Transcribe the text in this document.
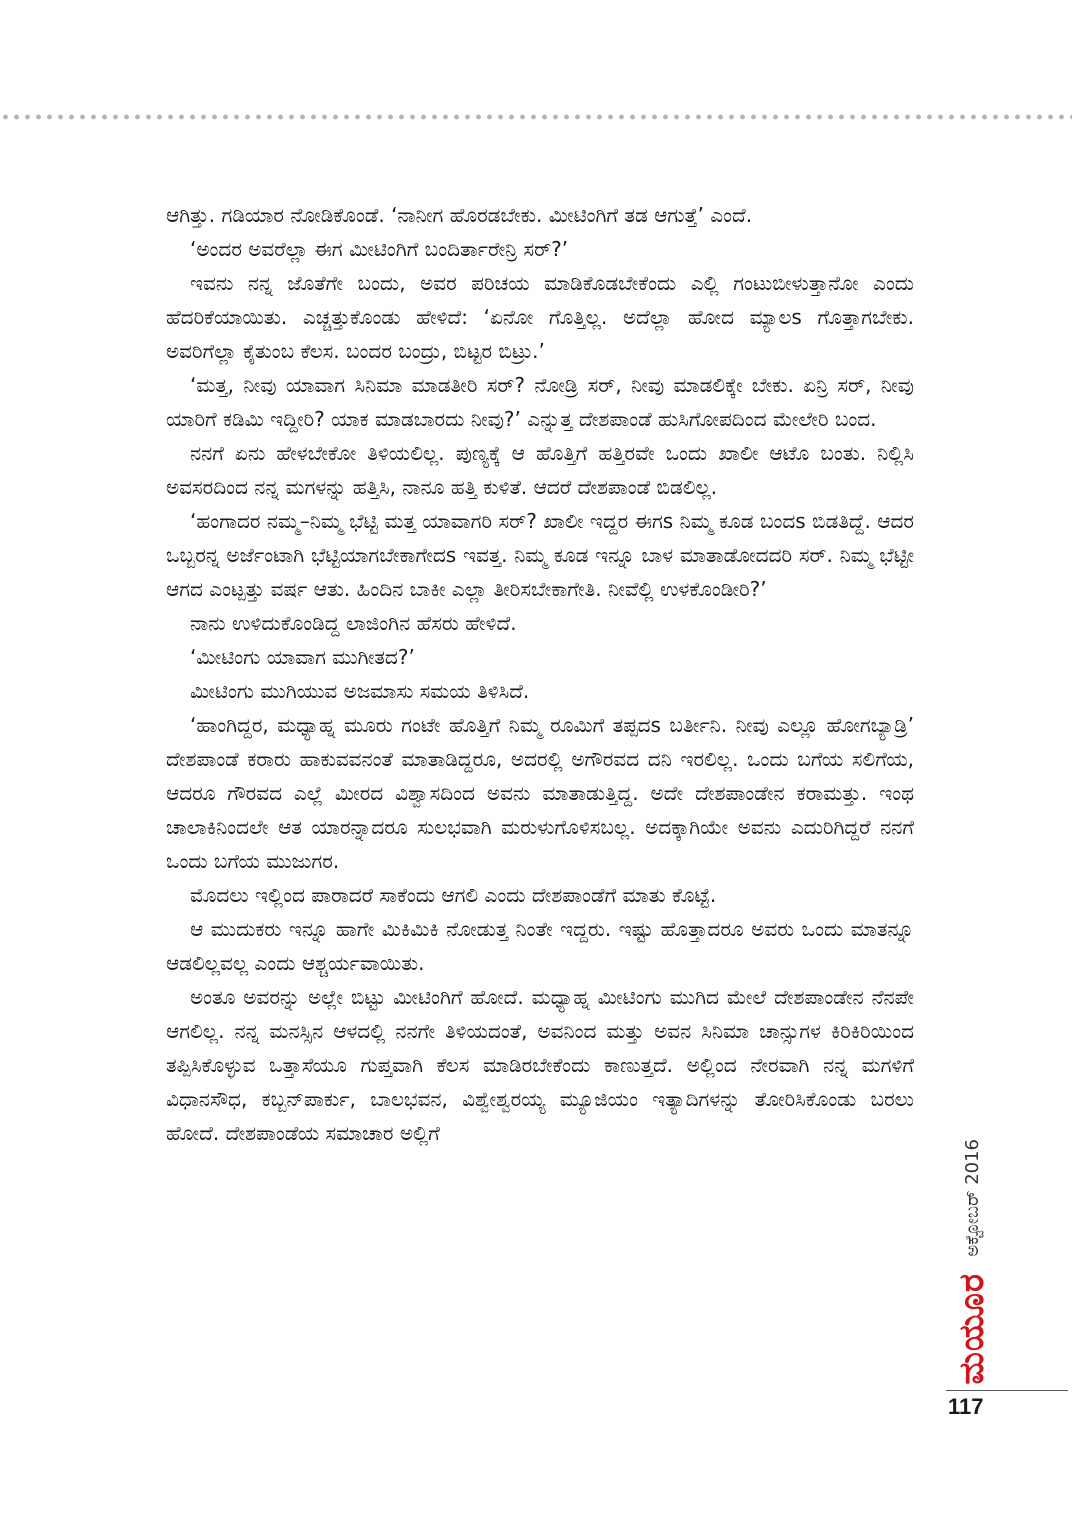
ಆಗಿತ್ತು. ಗಡಿಯಾರ ನೋಡಿಕೊಂಡೆ. ‘ನಾನೀಗ ಹೊರಡಬೇಕು. ಮೀಟಿಂಗಿಗೆ ತಡ ಆಗುತ್ತೆ’ ಎಂದೆ.

‘ಅಂದರ ಅವರೆಲ್ಲಾ ಈಗ ಮೀಟಿಂಗಿಗೆ ಬಂದಿರ್ತಾರೇನ್ರಿ ಸರ್?’

ಇವನು ನನ್ನ ಜೊತೆಗೇ ಬಂದು, ಅವರ ಪರಿಚಯ ಮಾಡಿಕೊಡಬೇಕೆಂದು ಎಲ್ಲಿ ಗಂಟುಬೀಳುತ್ತಾನೋ ಎಂದು ಹೆದರಿಕೆಯಾಯಿತು. ಎಚ್ಚತ್ತುಕೊಂಡು ಹೇಳಿದೆ: ‘ಏನೋ ಗೊತ್ತಿಲ್ಲ. ಅದೆಲ್ಲಾ ಹೋದ ಮ್ಯಾಲs ಗೊತ್ತಾಗಬೇಕು. ಅವರಿಗೆಲ್ಲಾ ಕೈತುಂಬ ಕೆಲಸ. ಬಂದರ ಬಂದ್ರು, ಬಿಟ್ಟರ ಬಿಟ್ರು.’

‘ಮತ್ತ, ನೀವು ಯಾವಾಗ ಸಿನಿಮಾ ಮಾಡತೀರಿ ಸರ್? ನೋಡ್ರಿ ಸರ್, ನೀವು ಮಾಡಲಿಕ್ಕೇ ಬೇಕು. ಏನ್ರಿ ಸರ್, ನೀವು ಯಾರಿಗೆ ಕಡಿಮಿ ಇದ್ದೀರಿ? ಯಾಕ ಮಾಡಬಾರದು ನೀವು?’ ಎನ್ನುತ್ತ ದೇಶಪಾಂಡೆ ಹುಸಿಗೋಪದಿಂದ ಮೇಲೇರಿ ಬಂದ.

ನನಗೆ ಏನು ಹೇಳಬೇಕೋ ತಿಳಿಯಲಿಲ್ಲ. ಪುಣ್ಯಕ್ಕೆ ಆ ಹೊತ್ತಿಗೆ ಹತ್ತಿರವೇ ಒಂದು ಖಾಲೀ ಆಟೊ ಬಂತು. ನಿಲ್ಲಿಸಿ ಅವಸರದಿಂದ ನನ್ನ ಮಗಳನ್ನು ಹತ್ತಿಸಿ, ನಾನೂ ಹತ್ತಿ ಕುಳಿತೆ. ಆದರೆ ದೇಶಪಾಂಡೆ ಬಿಡಲಿಲ್ಲ.

‘ಹಂಗಾದರ ನಮ್ಮ–ನಿಮ್ಮ ಭೆಟ್ಟಿ ಮತ್ತ ಯಾವಾಗರಿ ಸರ್? ಖಾಲೀ ಇದ್ದರ ಈಗs ನಿಮ್ಮ ಕೂಡ ಬಂದs ಬಿಡತಿದ್ದೆ. ಆದರ ಒಬ್ಬರನ್ನ ಅರ್ಜೆಂಟಾಗಿ ಭೆಟ್ಟಿಯಾಗಬೇಕಾಗೇದs ಇವತ್ತ. ನಿಮ್ಮ ಕೂಡ ಇನ್ನೂ ಬಾಳ ಮಾತಾಡೋದದರಿ ಸರ್. ನಿಮ್ಮ ಭೆಟ್ಟೀ ಆಗದ ಎಂಟ್ಪತ್ತು ವರ್ಷ ಆತು. ಹಿಂದಿನ ಬಾಕೀ ಎಲ್ಲಾ ತೀರಿಸಬೇಕಾಗೇತಿ. ನೀವೆಲ್ಲಿ ಉಳಕೊಂಡೀರಿ?’

ನಾನು ಉಳಿದುಕೊಂಡಿದ್ದ ಲಾಜಿಂಗಿನ ಹೆಸರು ಹೇಳಿದೆ.

‘ಮೀಟಿಂಗು ಯಾವಾಗ ಮುಗೀತದ?’

ಮೀಟಿಂಗು ಮುಗಿಯುವ ಅಜಮಾಸು ಸಮಯ ತಿಳಿಸಿದೆ.

‘ಹಾಂಗಿದ್ದರ, ಮಧ್ಯಾಹ್ನ ಮೂರು ಗಂಟೇ ಹೊತ್ತಿಗೆ ನಿಮ್ಮ ರೂಮಿಗೆ ತಪ್ಪದs ಬರ್ತೀನಿ. ನೀವು ಎಲ್ಲೂ ಹೋಗಬ್ಯಾಡ್ರಿ’ ದೇಶಪಾಂಡೆ ಕರಾರು ಹಾಕುವವನಂತೆ ಮಾತಾಡಿದ್ದರೂ, ಅದರಲ್ಲಿ ಅಗೌರವದ ದನಿ ಇರಲಿಲ್ಲ. ಒಂದು ಬಗೆಯ ಸಲಿಗೆಯ, ಆದರೂ ಗೌರವದ ಎಲ್ಲೆ ಮೀರದ ವಿಶ್ವಾಸದಿಂದ ಅವನು ಮಾತಾಡುತ್ತಿದ್ದ. ಅದೇ ದೇಶಪಾಂಡೇನ ಕರಾಮತ್ತು. ಇಂಥ ಚಾಲಾಕಿನಿಂದಲೇ ಆತ ಯಾರನ್ನಾದರೂ ಸುಲಭವಾಗಿ ಮರುಳುಗೊಳಿಸಬಲ್ಲ. ಅದಕ್ಕಾಗಿಯೇ ಅವನು ಎದುರಿಗಿದ್ದರೆ ನನಗೆ ಒಂದು ಬಗೆಯ ಮುಜುಗರ.

ಮೊದಲು ಇಲ್ಲಿಂದ ಪಾರಾದರೆ ಸಾಕೆಂದು ಆಗಲಿ ಎಂದು ದೇಶಪಾಂಡೆಗೆ ಮಾತು ಕೊಟ್ಟೆ.

ಆ ಮುದುಕರು ಇನ್ನೂ ಹಾಗೇ ಮಿಕಿಮಿಕಿ ನೋಡುತ್ತ ನಿಂತೇ ಇದ್ದರು. ಇಷ್ಟು ಹೊತ್ತಾದರೂ ಅವರು ಒಂದು ಮಾತನ್ನೂ ಆಡಲಿಲ್ಲವಲ್ಲ ಎಂದು ಆಶ್ಚರ್ಯವಾಯಿತು.

ಅಂತೂ ಅವರನ್ನು ಅಲ್ಲೇ ಬಿಟ್ಟು ಮೀಟಿಂಗಿಗೆ ಹೋದೆ. ಮಧ್ಯಾಹ್ನ ಮೀಟಿಂಗು ಮುಗಿದ ಮೇಲೆ ದೇಶಪಾಂಡೇನ ನೆನಪೇ ಆಗಲಿಲ್ಲ. ನನ್ನ ಮನಸ್ಸಿನ ಆಳದಲ್ಲಿ ನನಗೇ ತಿಳಿಯದಂತೆ, ಅವನಿಂದ ಮತ್ತು ಅವನ ಸಿನಿಮಾ ಚಾನ್ಸುಗಳ ಕಿರಿಕಿರಿಯಿಂದ ತಪ್ಪಿಸಿಕೊಳ್ಳುವ ಒತ್ತಾಸೆಯೂ ಗುಪ್ತವಾಗಿ ಕೆಲಸ ಮಾಡಿರಬೇಕೆಂದು ಕಾಣುತ್ತದೆ. ಅಲ್ಲಿಂದ ನೇರವಾಗಿ ನನ್ನ ಮಗಳಿಗೆ ವಿಧಾನಸೌಧ, ಕಬ್ಬನ್‌ಪಾರ್ಕು, ಬಾಲಭವನ, ವಿಶ್ವೇಶ್ವರಯ್ಯ ಮ್ಯೂಜಿಯಂ ಇತ್ಯಾದಿಗಳನ್ನು ತೋರಿಸಿಕೊಂಡು ಬರಲು ಹೋದೆ. ದೇಶಪಾಂಡೆಯ ಸಮಾಚಾರ ಅಲ್ಲಿಗೆ

ಅಕ್ಟೋಬರ್ 2016
ಮಯೂರ
117
